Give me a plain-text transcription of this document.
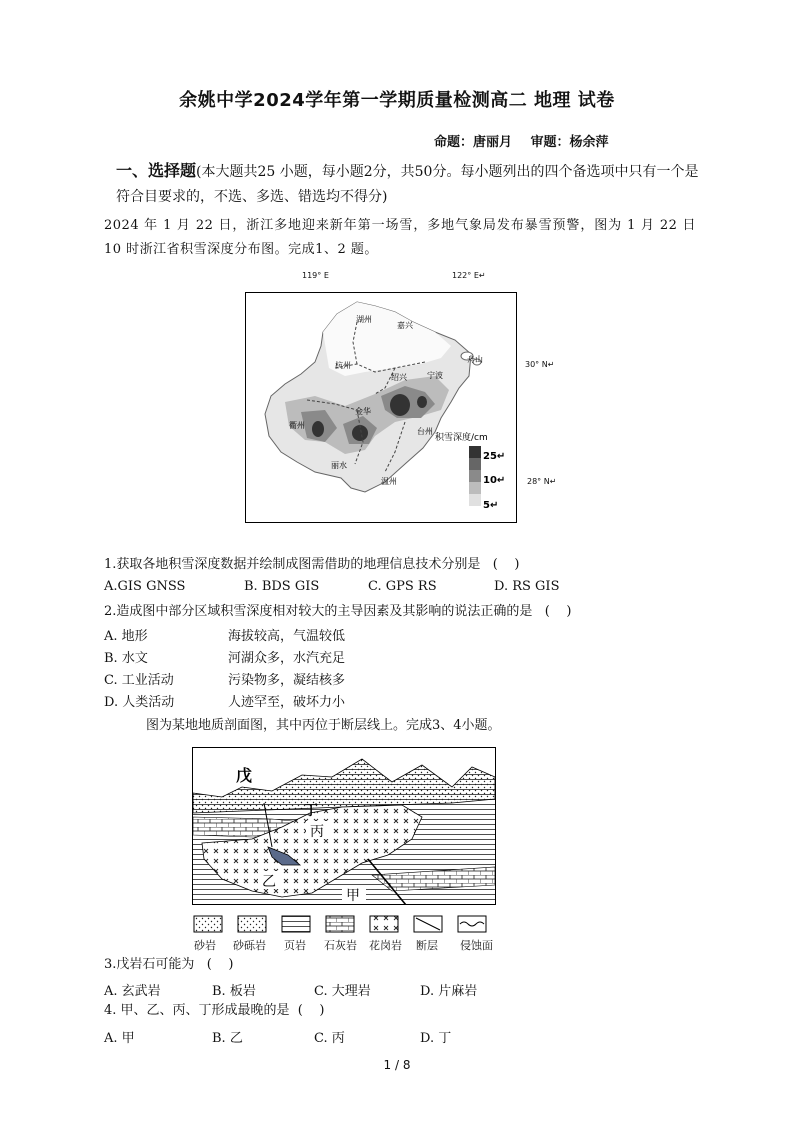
余姚中学2024学年第一学期质量检测高二 地理 试卷
命题：唐丽月 审题：杨余萍
一、选择题(本大题共25 小题，每小题2分，共50分。每小题列出的四个备选项中只有一个是符合目要求的，不选、多选、错选均不得分)
2024 年 1 月 22 日，浙江多地迎来新年第一场雪，多地气象局发布暴雪预警，图为 1 月 22 日 10 时浙江省积雪深度分布图。完成1、2 题。
119° E	122° E↵
30° N↵
28° N↵
积雪深度/cm
25↵
10↵
5↵
湖州
嘉兴
杭州
绍兴	宁波
舟山
金华
衢州
台州
丽水
温州
1.获取各地积雪深度数据并绘制成图需借助的地理信息技术分别是   (    )
A.GIS GNSS	B. BDS GIS	C. GPS RS	D. RS GIS
2.造成图中部分区域积雪深度相对较大的主导因素及其影响的说法正确的是   (    )
A. 地形	海拔较高，气温较低
B. 水文	河湖众多，水汽充足
C. 工业活动	污染物多，凝结核多
D. 人类活动	人迹罕至，破坏力小
图为某地地质剖面图，其中丙位于断层线上。完成3、4小题。
戊
丁
丙
乙
甲
砂岩 砂砾岩 页岩 石灰岩 花岗岩 断层 侵蚀面
3.戊岩石可能为   (    )
A. 玄武岩	B. 板岩	C. 大理岩	D. 片麻岩
4. 甲、乙、丙、丁形成最晚的是  (    )
A. 甲	B. 乙	C. 丙	D. 丁
1 / 8
